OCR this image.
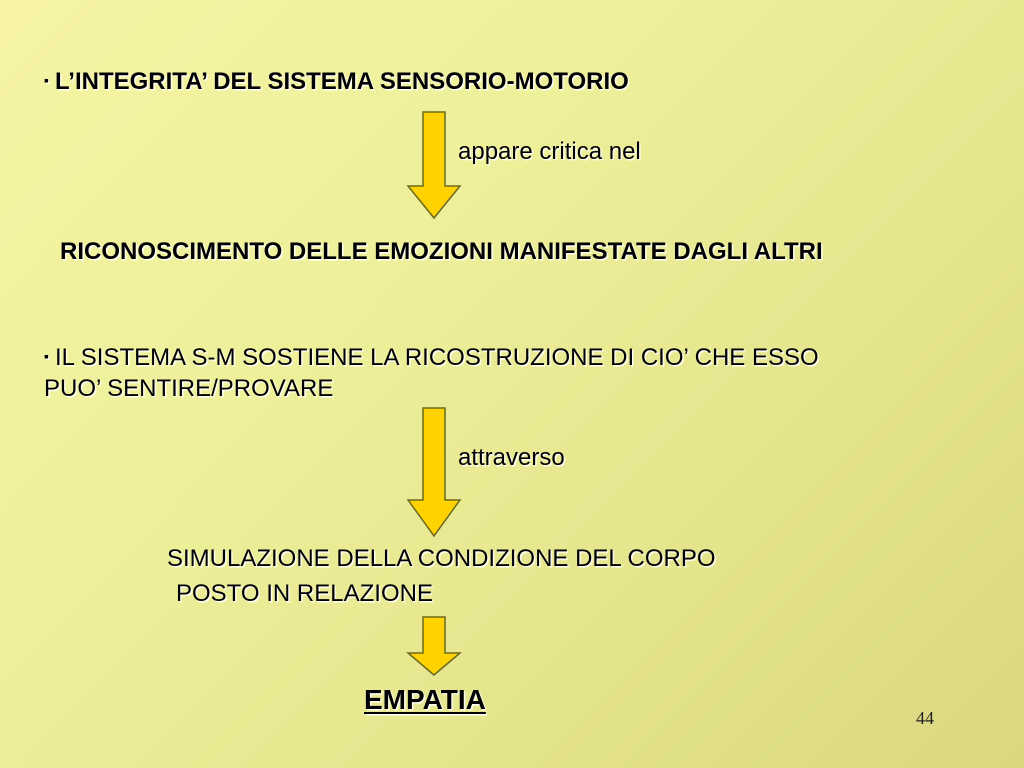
▪ L’INTEGRITA’ DEL SISTEMA SENSORIO-MOTORIO
appare critica nel
RICONOSCIMENTO DELLE EMOZIONI MANIFESTATE DAGLI ALTRI
▪ IL SISTEMA S-M SOSTIENE LA RICOSTRUZIONE DI CIO’ CHE ESSO
PUO’ SENTIRE/PROVARE
attraverso
SIMULAZIONE DELLA CONDIZIONE DEL CORPO
POSTO IN RELAZIONE
EMPATIA
44
